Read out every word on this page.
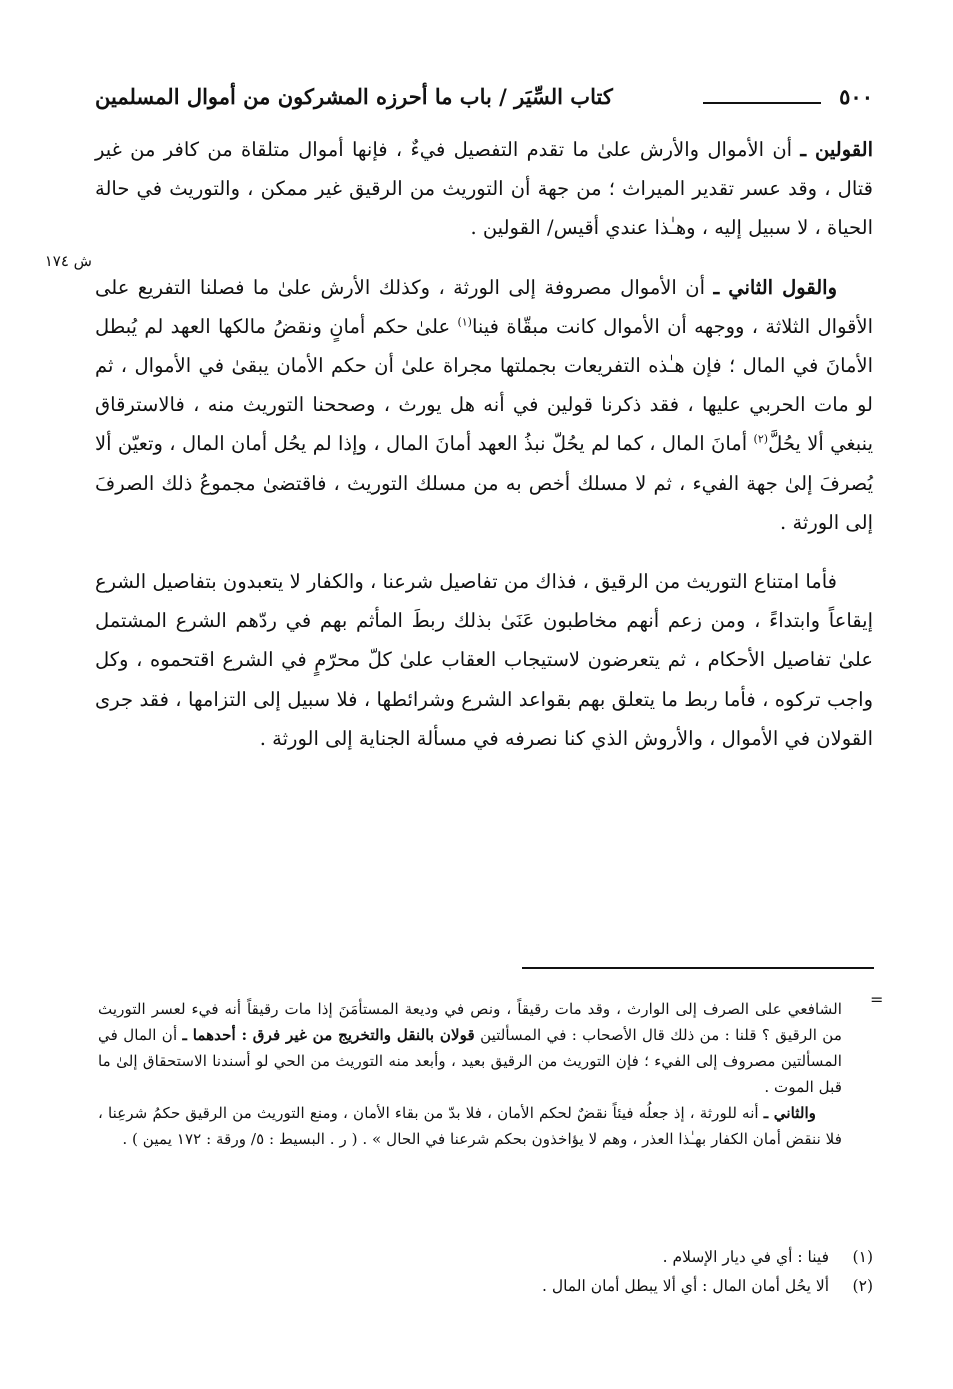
٥٠٠
كتاب السِّيَر / باب ما أحرزه المشركون من أموال المسلمين
ش ١٧٤

القولين ـ أن الأموال والأرش علىٰ ما تقدم التفصيل فيءٌ ، فإنها أموال متلقاة من كافر من غير قتال ، وقد عسر تقدير الميراث ؛ من جهة أن التوريث من الرقيق غير ممكن ، والتوريث في حالة الحياة ، لا سبيل إليه ، وهـٰذا عندي أقيس/ القولين .

والقول الثاني ـ أن الأموال مصروفة إلى الورثة ، وكذلك الأرش علىٰ ما فصلنا التفريع على الأقوال الثلاثة ، ووجهه أن الأموال كانت مبقّاة فينا$^{(١)}$ علىٰ حكم أمانٍ ونقضُ مالكها العهد لم يُبطل الأمانَ في المال ؛ فإن هـٰذه التفريعات بجملتها مجراة علىٰ أن حكم الأمان يبقىٰ في الأموال ، ثم لو مات الحربي عليها ، فقد ذكرنا قولين في أنه هل يورث ، وصححنا التوريث منه ، فالاسترقاق ينبغي ألا يحُلَّ$^{(٢)}$ أمانَ المال ، كما لم يحُلّ نبذُ العهد أمانَ المال ، وإذا لم يحُل أمان المال ، وتعيّن ألا يُصرفَ إلىٰ جهة الفيء ، ثم لا مسلك أخص به من مسلك التوريث ، فاقتضىٰ مجموعُ ذلك الصرفَ إلى الورثة .

فأما امتناع التوريث من الرقيق ، فذاك من تفاصيل شرعنا ، والكفار لا يتعبدون بتفاصيل الشرع إيقاعاً وابتداءً ، ومن زعم أنهم مخاطبون عَنَىٰ بذلك ربطَ المأثم بهم في ردّهم الشرع المشتمل علىٰ تفاصيل الأحكام ، ثم يتعرضون لاستيجاب العقاب علىٰ كلّ محرّمٍ في الشرع اقتحموه ، وكل واجب تركوه ، فأما ربط ما يتعلق بهم بقواعد الشرع وشرائطها ، فلا سبيل إلى التزامها ، فقد جرى القولان في الأموال ، والأروش الذي كنا نصرفه في مسألة الجناية إلى الورثة .

=

الشافعي على الصرف إلى الوارث ، وقد مات رقيقاً ، ونص في وديعة المستأمَنَ إذا مات رقيقاً أنه فيء لعسر التوريث من الرقيق ؟ قلنا : من ذلك قال الأصحاب : في المسألتين قولان بالنقل والتخريج من غير فرق : أحدهما ـ أن المال في المسألتين مصروف إلى الفيء ؛ فإن التوريث من الرقيق بعيد ، وأبعد منه التوريث من الحي لو أسندنا الاستحقاق إلىٰ ما قبل الموت .

والثاني ـ أنه للورثة ، إذ جعلُه فيئاً نقضٌ لحكم الأمان ، فلا بدّ من بقاء الأمان ، ومنع التوريث من الرقيق حكمُ شرعِنا ، فلا ننقض أمان الكفار بهـٰذا العذر ، وهم لا يؤاخذون بحكم شرعنا في الحال » . ( ر . البسيط : ٥/ ورقة : ١٧٢ يمين ) .

(١)فينا : أي في ديار الإسلام .
(٢)ألا يحُل أمان المال : أي ألا يبطل أمان المال .
